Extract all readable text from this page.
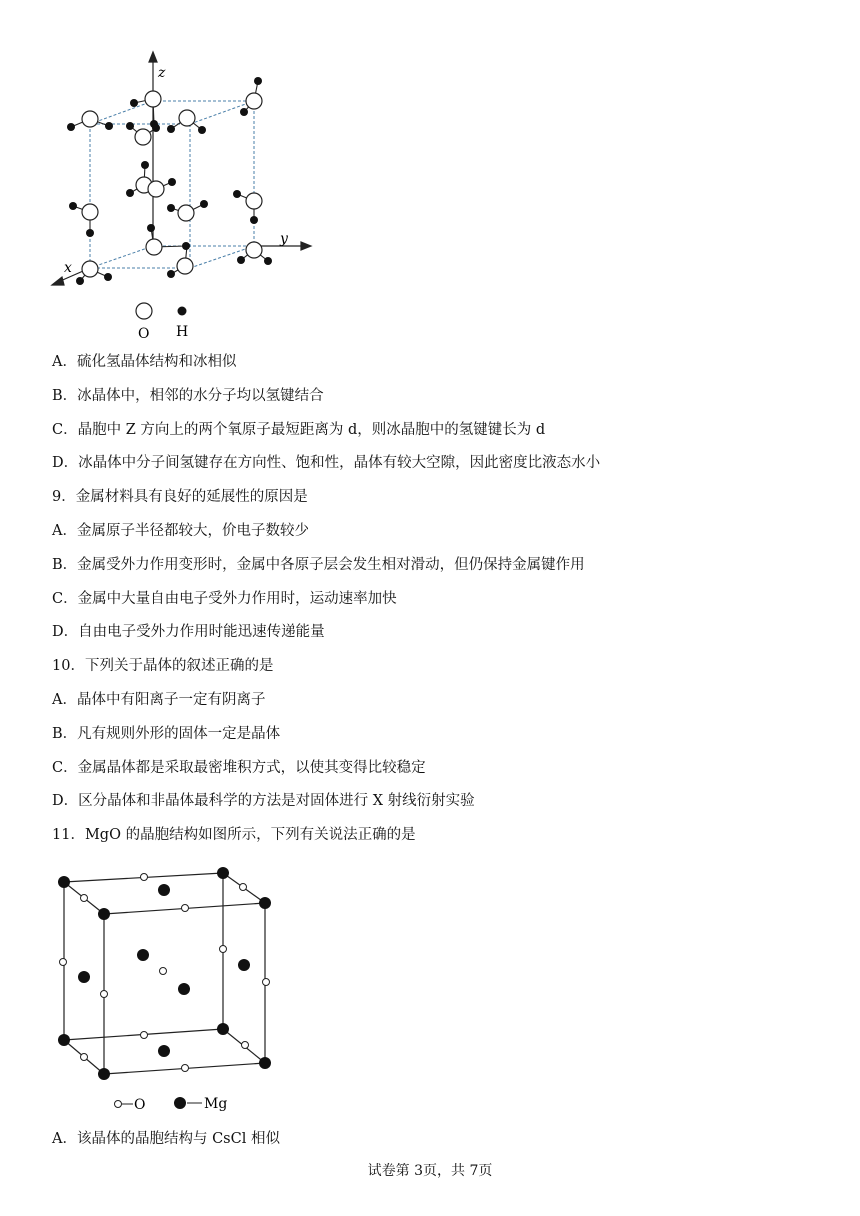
z
y
x
O H
A．硫化氢晶体结构和冰相似
B．冰晶体中，相邻的水分子均以氢键结合
C．晶胞中 Z 方向上的两个氧原子最短距离为 d，则冰晶胞中的氢键键长为 d
D．冰晶体中分子间氢键存在方向性、饱和性，晶体有较大空隙，因此密度比液态水小
9．金属材料具有良好的延展性的原因是
A．金属原子半径都较大，价电子数较少
B．金属受外力作用变形时，金属中各原子层会发生相对滑动，但仍保持金属键作用
C．金属中大量自由电子受外力作用时，运动速率加快
D．自由电子受外力作用时能迅速传递能量
10．下列关于晶体的叙述正确的是
A．晶体中有阳离子一定有阴离子
B．凡有规则外形的固体一定是晶体
C．金属晶体都是采取最密堆积方式，以使其变得比较稳定
D．区分晶体和非晶体最科学的方法是对固体进行 X 射线衍射实验
11．MgO 的晶胞结构如图所示，下列有关说法正确的是
O	Mg
A．该晶体的晶胞结构与 CsCl 相似
试卷第 3页，共 7页
